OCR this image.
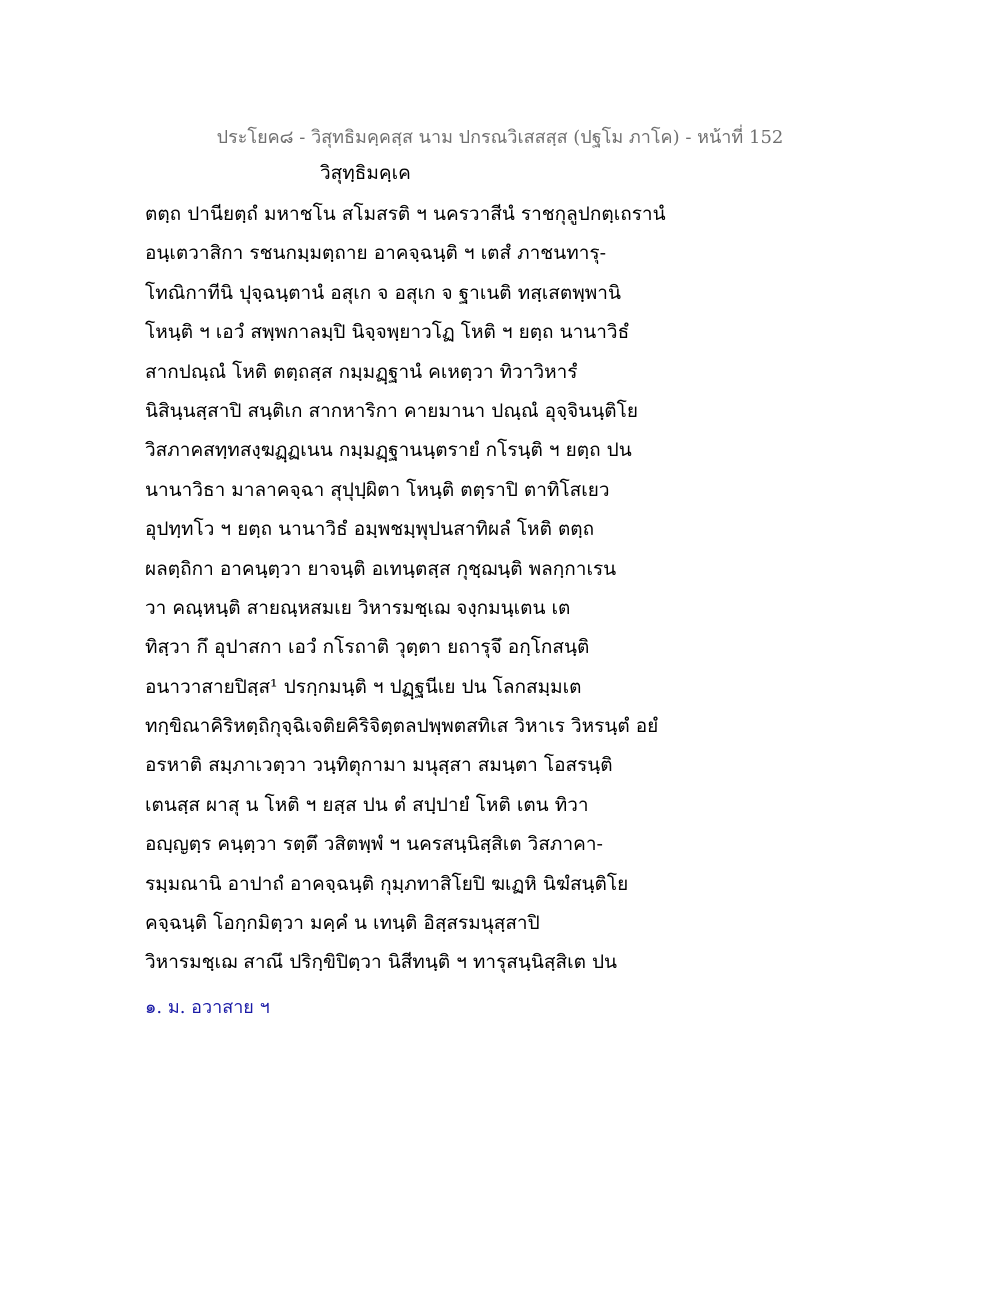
ประโยค๘ - วิสุทธิมคฺคสฺส นาม ปกรณวิเสสสฺส (ปฐโม ภาโค) - หน้าที่ 152
วิสุทฺธิมคฺเค
ตตฺถ ปานียตฺถํ มหาชโน สโมสรติ ฯ นครวาสีนํ ราชกุลูปกตฺเถรานํ
อนฺเตวาสิกา รชนกมฺมตฺถาย อาคจฺฉนฺติ ฯ เตสํ ภาชนทารุ-
โทณิกาทีนิ ปุจฺฉนฺตานํ อสุเก จ อสุเก จ ฐาเนติ ทสฺเสตพฺพานิ
โหนฺติ ฯ เอวํ สพฺพกาลมฺปิ นิจฺจพฺยาวโฏ โหติ ฯ ยตฺถ นานาวิธํ
สากปณฺณํ โหติ ตตฺถสฺส กมฺมฏฺฐานํ คเหตฺวา ทิวาวิหารํ
นิสินฺนสฺสาปิ สนฺติเก สากหาริกา คายมานา ปณฺณํ อุจฺจินนฺติโย
วิสภาคสทฺทสงฺฆฏฺฏเนน กมฺมฏฺฐานนฺตรายํ กโรนฺติ ฯ ยตฺถ ปน
นานาวิธา มาลาคจฺฉา สุปุปฺผิตา โหนฺติ ตตฺราปิ ตาทิโสเยว
อุปทฺทโว ฯ ยตฺถ นานาวิธํ อมฺพชมฺพุปนสาทิผลํ โหติ ตตฺถ
ผลตฺถิกา อาคนฺตฺวา ยาจนฺติ อเทนฺตสฺส กุชฺฌนฺติ พลกฺกาเรน
วา คณฺหนฺติ สายณฺหสมเย วิหารมชฺเฌ จงฺกมนฺเตน เต
ทิสฺวา กึ อุปาสกา เอวํ กโรถาติ วุตฺตา ยถารุจึ อกฺโกสนฺติ
อนาวาสายปิสฺส¹ ปรกฺกมนฺติ ฯ ปฏฺฐนีเย ปน โลกสมฺมเต
ทกฺขิณาคิริหตฺถิกุจฺฉิเจติยคิริจิตฺตลปพฺพตสทิเส วิหาเร วิหรนฺตํ อยํ
อรหาติ สมฺภาเวตฺวา วนฺทิตุกามา มนุสฺสา สมนฺตา โอสรนฺติ
เตนสฺส ผาสุ น โหติ ฯ ยสฺส ปน ตํ สปฺปายํ โหติ เตน ทิวา
อญฺญตฺร คนฺตฺวา รตฺตึ วสิตพฺพํ ฯ นครสนฺนิสฺสิเต วิสภาคา-
รมฺมณานิ อาปาถํ อาคจฺฉนฺติ กุมฺภทาสิโยปิ ฆเฏหิ นิฆํสนฺติโย
คจฺฉนฺติ โอกฺกมิตฺวา มคฺคํ น เทนฺติ อิสฺสรมนุสฺสาปิ
วิหารมชฺเฌ สาณึ ปริกฺขิปิตฺวา นิสีทนฺติ ฯ ทารุสนฺนิสฺสิเต ปน
๑. ม. อวาสาย ฯ
